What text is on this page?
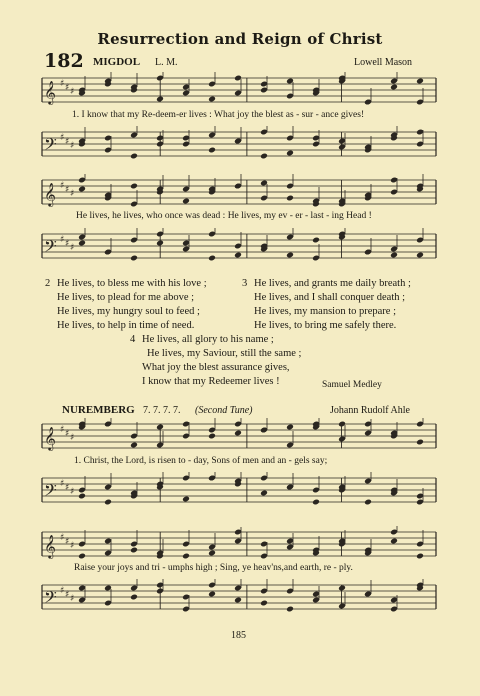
Resurrection and Reign of Christ
182 MIGDOL L. M.	Lowell Mason
𝄞 ♯ ♯ ♯
1. I know that my Re-deem-er lives : What joy the blest as - sur - ance gives!
𝄢 ♯ ♯ ♯
𝄞 ♯ ♯ ♯
He lives, he lives, who once was dead : He lives, my ev - er - last - ing Head !
𝄢 ♯ ♯ ♯
2 He lives, to bless me with his love ;
He lives, to plead for me above ;
He lives, my hungry soul to feed ;
He lives, to help in time of need.
3 He lives, and grants me daily breath ;
He lives, and I shall conquer death ;
He lives, my mansion to prepare ;
He lives, to bring me safely there.
4 He lives, all glory to his name ;
He lives, my Saviour, still the same ;
What joy the blest assurance gives,
I know that my Redeemer lives !	Samuel Medley
NUREMBERG 7. 7. 7. 7. (Second Tune)	Johann Rudolf Ahle
𝄞 ♯ ♯ ♯
1. Christ, the Lord, is risen to - day, Sons of men and an - gels say;
𝄢 ♯ ♯ ♯
𝄞 ♯ ♯ ♯
Raise your joys and tri - umphs high ; Sing, ye heav'ns,and earth, re - ply.
𝄢 ♯ ♯ ♯
185
